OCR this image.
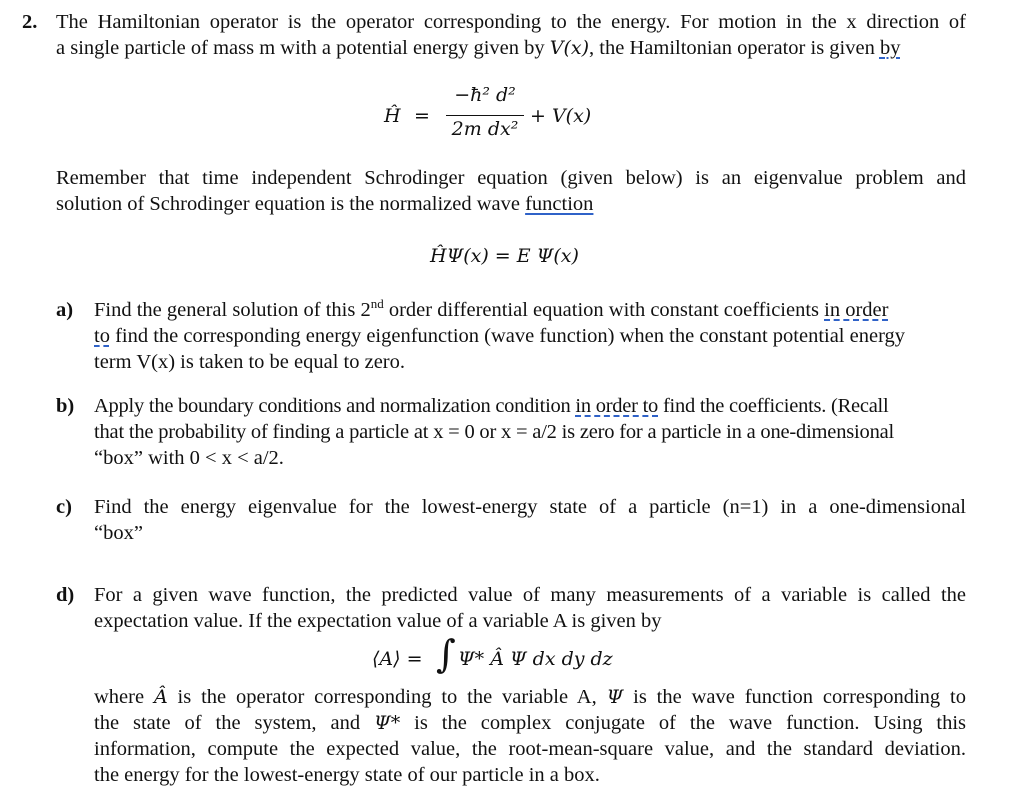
2. The Hamiltonian operator is the operator corresponding to the energy. For motion in the x direction of
a single particle of mass m with a potential energy given by V(x), the Hamiltonian operator is given by
Ĥ =
−ħ² d²
2m dx²
+ V(x)
Remember that time independent Schrodinger equation (given below) is an eigenvalue problem and
solution of Schrodinger equation is the normalized wave function
ĤΨ(x) = E Ψ(x)
a) Find the general solution of this 2nd order differential equation with constant coefficients in order
to find the corresponding energy eigenfunction (wave function) when the constant potential energy
term V(x) is taken to be equal to zero.
b) Apply the boundary conditions and normalization condition in order to find the coefficients. (Recall
that the probability of finding a particle at x = 0 or x = a/2 is zero for a particle in a one-dimensional
“box” with 0 < x < a/2.
c) Find the energy eigenvalue for the lowest-energy state of a particle (n=1) in a one-dimensional
“box”
d) For a given wave function, the predicted value of many measurements of a variable is called the
expectation value. If the expectation value of a variable A is given by
⟨A⟩ = ∫ Ψ* Â Ψ dx dy dz
where Â is the operator corresponding to the variable A, Ψ is the wave function corresponding to
the state of the system, and Ψ* is the complex conjugate of the wave function. Using this
information, compute the expected value, the root-mean-square value, and the standard deviation.
the energy for the lowest-energy state of our particle in a box.
